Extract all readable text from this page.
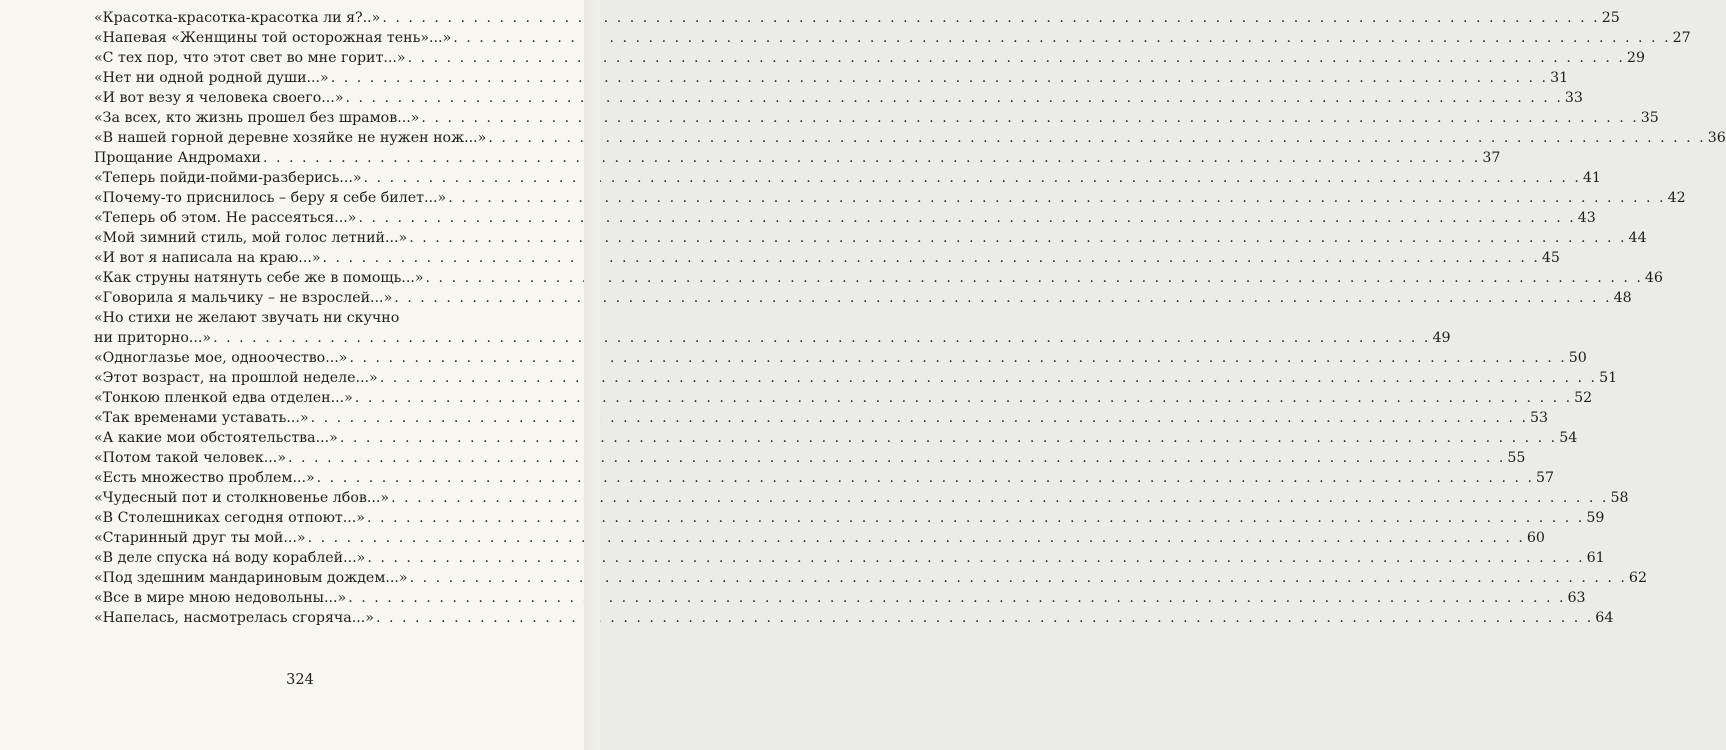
«Красотка-красотка-красотка ли я?..» . . .	25
«Напевая «Женщины той осторожная тень»...» . . .	27
«С тех пор, что этот свет во мне горит...» . . .	29
«Нет ни одной родной души...» . . .	31
«И вот везу я человека своего...» . . .	33
«За всех, кто жизнь прошел без шрамов...» . . .	35
«В нашей горной деревне хозяйке не нужен нож...» . . .	36
Прощание Андромахи . . .	37
«Теперь пойди-пойми-разберись...» . . .	41
«Почему-то приснилось – беру я себе билет...» . . .	42
«Теперь об этом. Не рассеяться...» . . .	43
«Мой зимний стиль, мой голос летний...» . . .	44
«И вот я написала на краю...» . . .	45
«Как струны натянуть себе же в помощь...» . . .	46
«Говорила я мальчику – не взрослей...» . . .	48
«Но стихи не желают звучать ни скучно
ни приторно...» . . .	49
«Одноглазье мое, одноочество...» . . .	50
«Этот возраст, на прошлой неделе...» . . .	51
«Тонкою пленкой едва отделен...» . . .	52
«Так временами уставать...» . . .	53
«А какие мои обстоятельства...» . . .	54
«Потом такой человек...» . . .	55
«Есть множество проблем...» . . .	57
«Чудесный пот и столкновенье лбов...» . . .	58
«В Столешниках сегодня отпоют...» . . .	59
«Старинный друг ты мой...» . . .	60
«В деле спуска на́ воду кораблей...» . . .	61
«Под здешним мандариновым дождем...» . . .	62
«Все в мире мною недовольны...» . . .	63
«Напелась, насмотрелась сгоряча...» . . .	64
324
